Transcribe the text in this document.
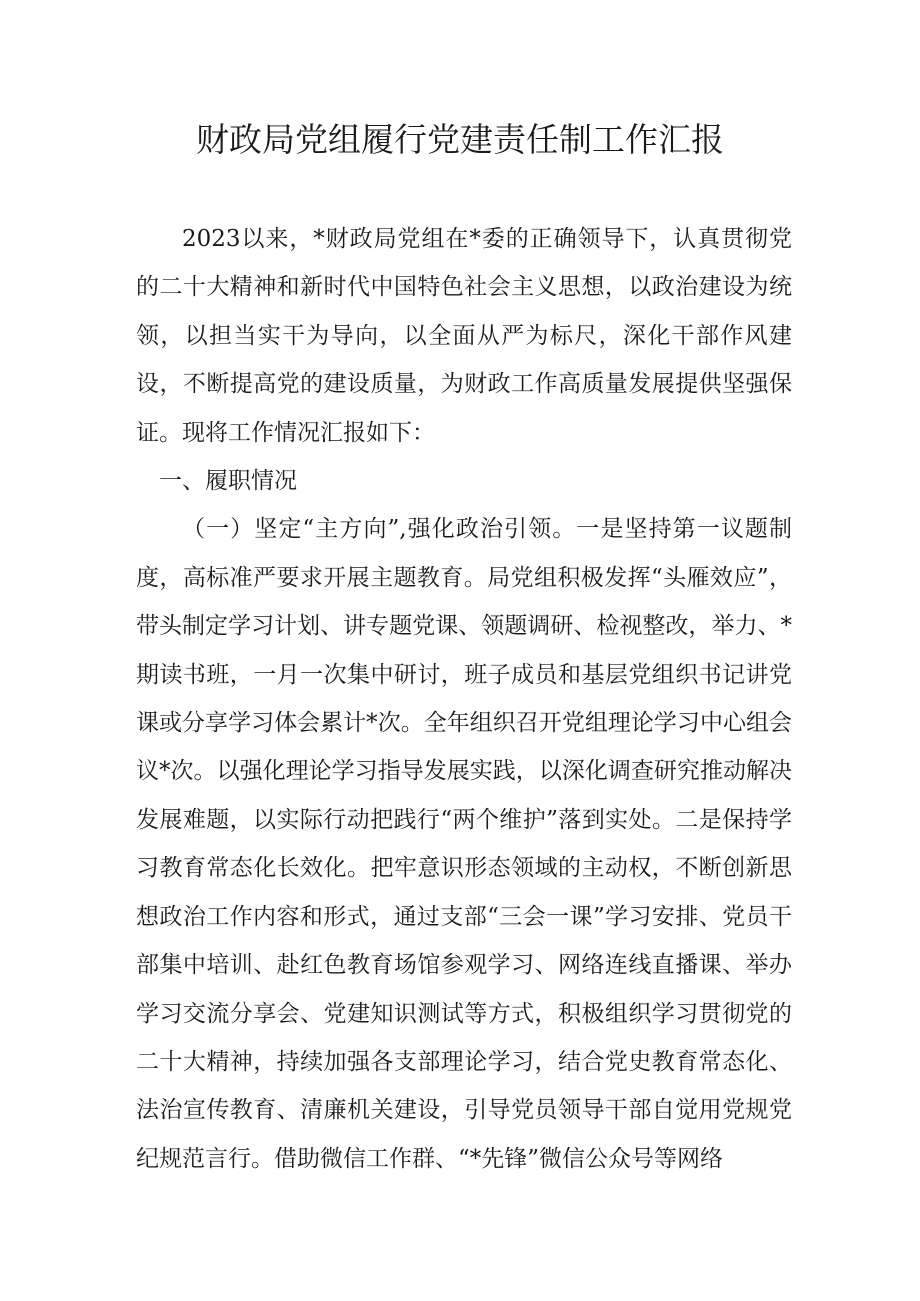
财政局党组履行党建责任制工作汇报

2023以来，*财政局党组在*委的正确领导下，认真贯彻党的二十大精神和新时代中国特色社会主义思想，以政治建设为统领，以担当实干为导向，以全面从严为标尺，深化干部作风建设，不断提高党的建设质量，为财政工作高质量发展提供坚强保证。现将工作情况汇报如下：

一、履职情况

（一）坚定“主方向”,强化政治引领。一是坚持第一议题制度，高标准严要求开展主题教育。局党组积极发挥“头雁效应”，带头制定学习计划、讲专题党课、领题调研、检视整改，举力、*期读书班，一月一次集中研讨，班子成员和基层党组织书记讲党课或分享学习体会累计*次。全年组织召开党组理论学习中心组会议*次。以强化理论学习指导发展实践，以深化调查研究推动解决发展难题，以实际行动把践行“两个维护”落到实处。二是保持学习教育常态化长效化。把牢意识形态领域的主动权，不断创新思想政治工作内容和形式，通过支部“三会一课”学习安排、党员干部集中培训、赴红色教育场馆参观学习、网络连线直播课、举办学习交流分享会、党建知识测试等方式，积极组织学习贯彻党的二十大精神，持续加强各支部理论学习，结合党史教育常态化、法治宣传教育、清廉机关建设，引导党员领导干部自觉用党规党纪规范言行。借助微信工作群、“*先锋”微信公众号等网络
